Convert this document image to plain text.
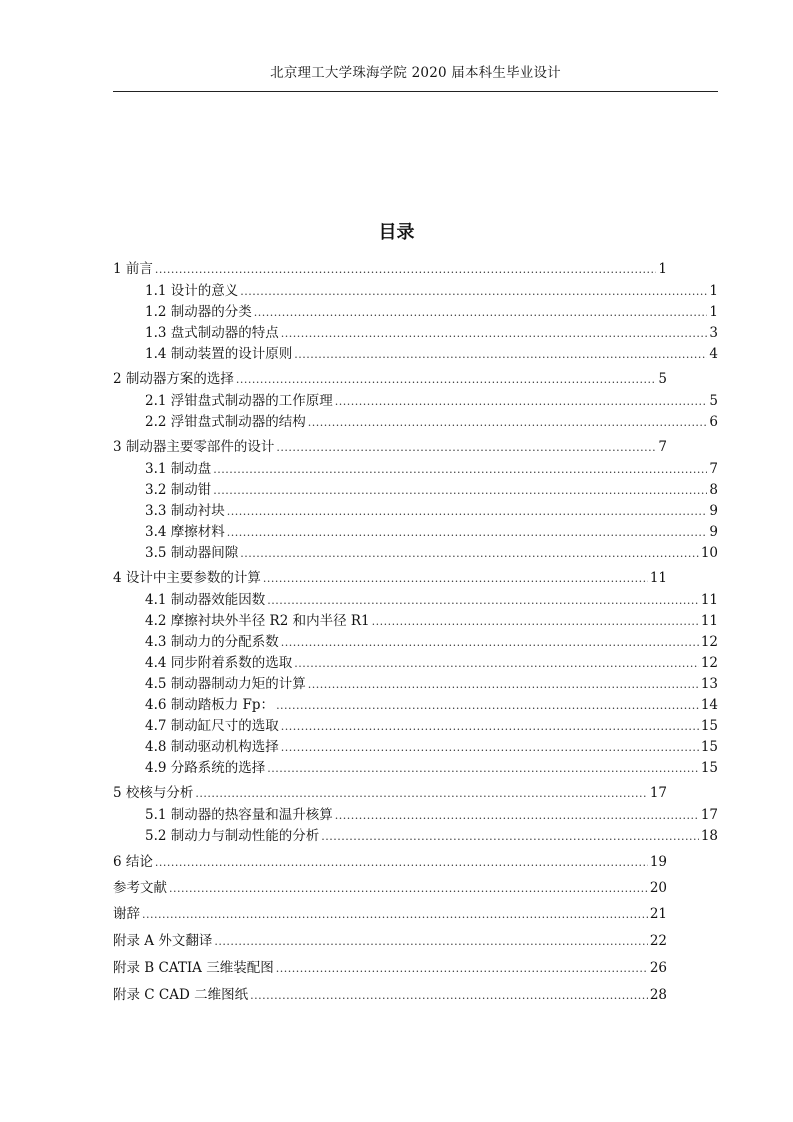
北京理工大学珠海学院 2020 届本科生毕业设计
目录
1 前言 .....	1
1.1 设计的意义 .....	1
1.2 制动器的分类 .....	1
1.3 盘式制动器的特点 .....	3
1.4 制动装置的设计原则 .....	4
2 制动器方案的选择 .....	5
2.1 浮钳盘式制动器的工作原理 .....	5
2.2 浮钳盘式制动器的结构 .....	6
3 制动器主要零部件的设计 .....	7
3.1 制动盘 .....	7
3.2 制动钳 .....	8
3.3 制动衬块 .....	9
3.4 摩擦材料 .....	9
3.5 制动器间隙 .....	10
4 设计中主要参数的计算 .....	11
4.1 制动器效能因数 .....	11
4.2 摩擦衬块外半径 R2 和内半径 R1 .....	11
4.3 制动力的分配系数 .....	12
4.4 同步附着系数的选取 .....	12
4.5 制动器制动力矩的计算 .....	13
4.6 制动踏板力 Fp： .....	14
4.7 制动缸尺寸的选取 .....	15
4.8 制动驱动机构选择 .....	15
4.9 分路系统的选择 .....	15
5 校核与分析 .....	17
5.1 制动器的热容量和温升核算 .....	17
5.2 制动力与制动性能的分析 .....	18
6 结论 .....	19
参考文献 .....	20
谢辞 .....	21
附录 A 外文翻译 .....	22
附录 B CATIA 三维装配图 .....	26
附录 C CAD 二维图纸 .....	28
